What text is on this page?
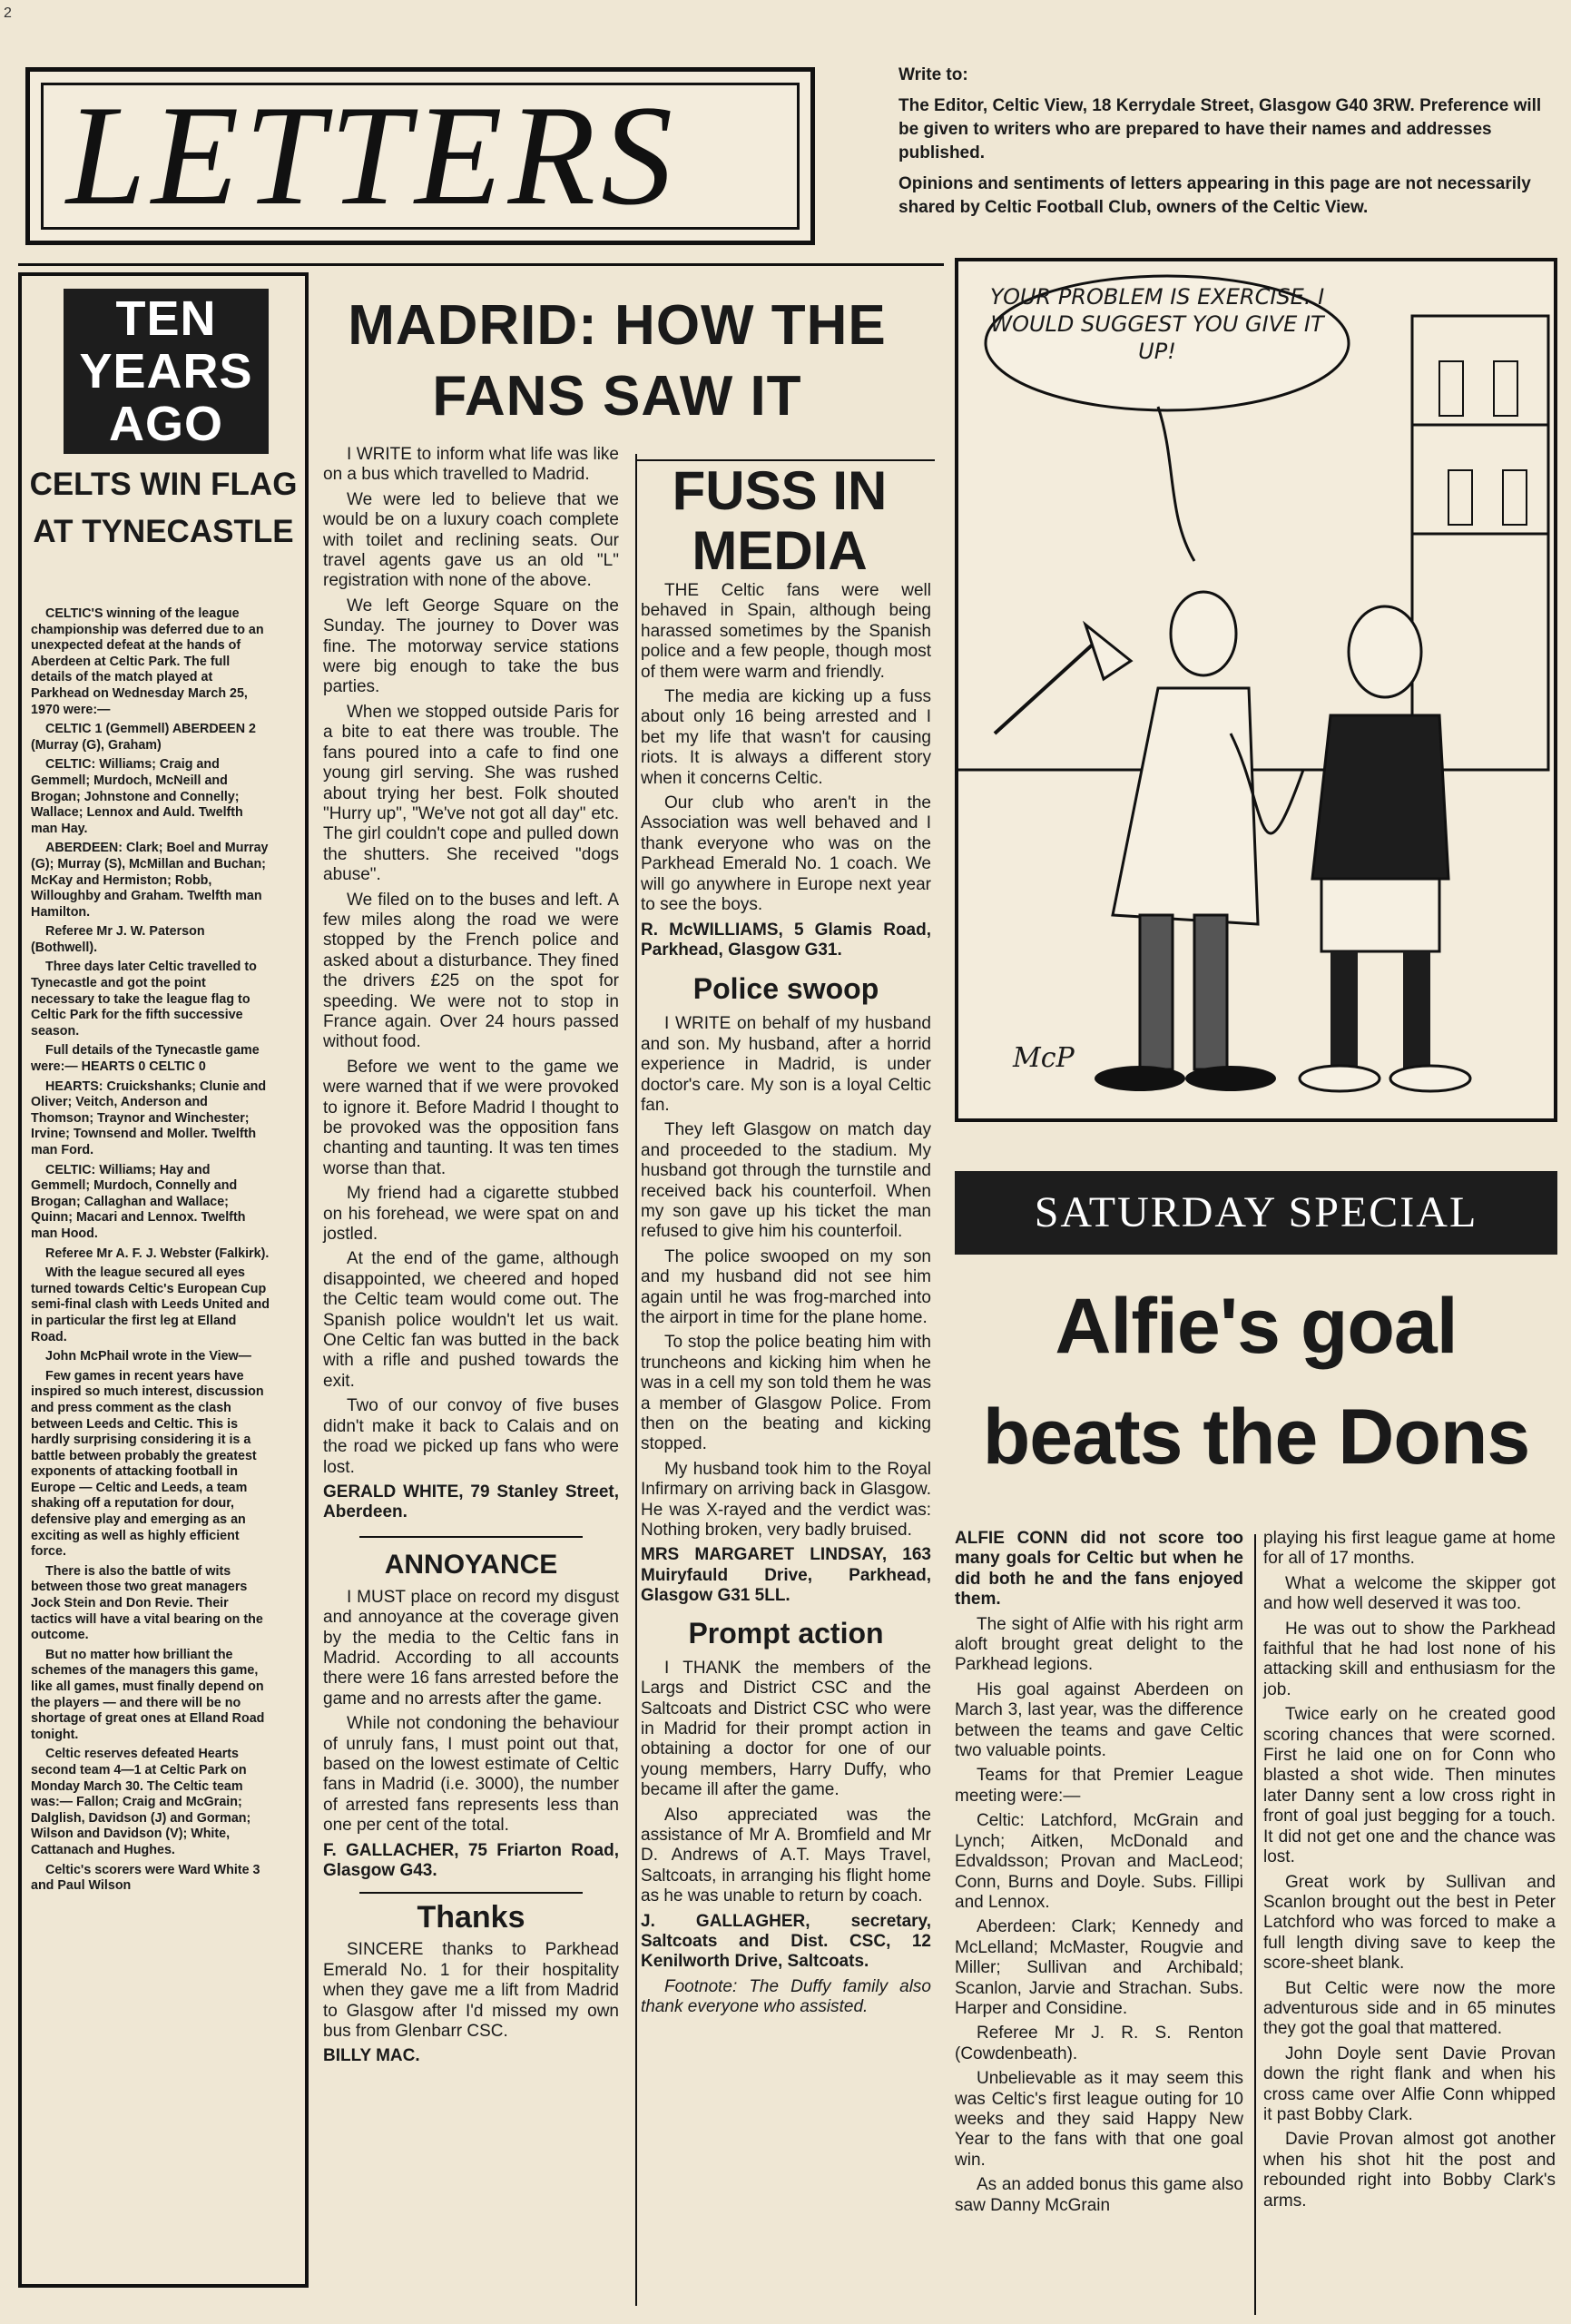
2
LETTERS

Write to:

The Editor, Celtic View, 18 Kerrydale Street, Glasgow G40 3RW. Preference will be given to writers who are prepared to have their names and addresses published.

Opinions and sentiments of letters appearing in this page are not necessarily shared by Celtic Football Club, owners of the Celtic View.

TEN YEARS AGO
CELTS WIN FLAG AT TYNECASTLE

CELTIC'S winning of the league championship was deferred due to an unexpected defeat at the hands of Aberdeen at Celtic Park. The full details of the match played at Parkhead on Wednesday March 25, 1970 were:—

CELTIC 1 (Gemmell) ABERDEEN 2 (Murray (G), Graham)

CELTIC: Williams; Craig and Gemmell; Murdoch, McNeill and Brogan; Johnstone and Connelly; Wallace; Lennox and Auld. Twelfth man Hay.

ABERDEEN: Clark; Boel and Murray (G); Murray (S), McMillan and Buchan; McKay and Hermiston; Robb, Willoughby and Graham. Twelfth man Hamilton.

Referee Mr J. W. Paterson (Bothwell).

Three days later Celtic travelled to Tynecastle and got the point necessary to take the league flag to Celtic Park for the fifth successive season.

Full details of the Tynecastle game were:— HEARTS 0 CELTIC 0

HEARTS: Cruickshanks; Clunie and Oliver; Veitch, Anderson and Thomson; Traynor and Winchester; Irvine; Townsend and Moller. Twelfth man Ford.

CELTIC: Williams; Hay and Gemmell; Murdoch, Connelly and Brogan; Callaghan and Wallace; Quinn; Macari and Lennox. Twelfth man Hood.

Referee Mr A. F. J. Webster (Falkirk).

With the league secured all eyes turned towards Celtic's European Cup semi-final clash with Leeds United and in particular the first leg at Elland Road.

John McPhail wrote in the View—

Few games in recent years have inspired so much interest, discussion and press comment as the clash between Leeds and Celtic. This is hardly surprising considering it is a battle between probably the greatest exponents of attacking football in Europe — Celtic and Leeds, a team shaking off a reputation for dour, defensive play and emerging as an exciting as well as highly efficient force.

There is also the battle of wits between those two great managers Jock Stein and Don Revie. Their tactics will have a vital bearing on the outcome.

But no matter how brilliant the schemes of the managers this game, like all games, must finally depend on the players — and there will be no shortage of great ones at Elland Road tonight.

Celtic reserves defeated Hearts second team 4—1 at Celtic Park on Monday March 30. The Celtic team was:— Fallon; Craig and McGrain; Dalglish, Davidson (J) and Gorman; Wilson and Davidson (V); White, Cattanach and Hughes.

Celtic's scorers were Ward White 3 and Paul Wilson

MADRID: HOW THE FANS SAW IT

I WRITE to inform what life was like on a bus which travelled to Madrid.

We were led to believe that we would be on a luxury coach complete with toilet and reclining seats. Our travel agents gave us an old "L" registration with none of the above.

We left George Square on the Sunday. The journey to Dover was fine. The motorway service stations were big enough to take the bus parties.

When we stopped outside Paris for a bite to eat there was trouble. The fans poured into a cafe to find one young girl serving. She was rushed about trying her best. Folk shouted "Hurry up", "We've not got all day" etc. The girl couldn't cope and pulled down the shutters. She received "dogs abuse".

We filed on to the buses and left. A few miles along the road we were stopped by the French police and asked about a disturbance. They fined the drivers £25 on the spot for speeding. We were not to stop in France again. Over 24 hours passed without food.

Before we went to the game we were warned that if we were provoked to ignore it. Before Madrid I thought to be provoked was the opposition fans chanting and taunting. It was ten times worse than that.

My friend had a cigarette stubbed on his forehead, we were spat on and jostled.

At the end of the game, although disappointed, we cheered and hoped the Celtic team would come out. The Spanish police wouldn't let us wait. One Celtic fan was butted in the back with a rifle and pushed towards the exit.

Two of our convoy of five buses didn't make it back to Calais and on the road we picked up fans who were lost.

GERALD WHITE, 79 Stanley Street, Aberdeen.

ANNOYANCE

I MUST place on record my disgust and annoyance at the coverage given by the media to the Celtic fans in Madrid. According to all accounts there were 16 fans arrested before the game and no arrests after the game.

While not condoning the behaviour of unruly fans, I must point out that, based on the lowest estimate of Celtic fans in Madrid (i.e. 3000), the number of arrested fans represents less than one per cent of the total.

F. GALLACHER, 75 Friarton Road, Glasgow G43.

Thanks

SINCERE thanks to Parkhead Emerald No. 1 for their hospitality when they gave me a lift from Madrid to Glasgow after I'd missed my own bus from Glenbarr CSC.

BILLY MAC.

FUSS IN MEDIA

THE Celtic fans were well behaved in Spain, although being harassed sometimes by the Spanish police and a few people, though most of them were warm and friendly.

The media are kicking up a fuss about only 16 being arrested and I bet my life that wasn't for causing riots. It is always a different story when it concerns Celtic.

Our club who aren't in the Association was well behaved and I thank everyone who was on the Parkhead Emerald No. 1 coach. We will go anywhere in Europe next year to see the boys.

R. McWILLIAMS, 5 Glamis Road, Parkhead, Glasgow G31.

Police swoop

I WRITE on behalf of my husband and son. My husband, after a horrid experience in Madrid, is under doctor's care. My son is a loyal Celtic fan.

They left Glasgow on match day and proceeded to the stadium. My husband got through the turnstile and received back his counterfoil. When my son gave up his ticket the man refused to give him his counterfoil.

The police swooped on my son and my husband did not see him again until he was frog-marched into the airport in time for the plane home.

To stop the police beating him with truncheons and kicking him when he was in a cell my son told them he was a member of Glasgow Police. From then on the beating and kicking stopped.

My husband took him to the Royal Infirmary on arriving back in Glasgow. He was X-rayed and the verdict was: Nothing broken, very badly bruised.

MRS MARGARET LINDSAY, 163 Muiryfauld Drive, Parkhead, Glasgow G31 5LL.

Prompt action

I THANK the members of the Largs and District CSC and the Saltcoats and District CSC who were in Madrid for their prompt action in obtaining a doctor for one of our young members, Harry Duffy, who became ill after the game.

Also appreciated was the assistance of Mr A. Bromfield and Mr D. Andrews of A.T. Mays Travel, Saltcoats, in arranging his flight home as he was unable to return by coach.

J. GALLAGHER, secretary, Saltcoats and Dist. CSC, 12 Kenilworth Drive, Saltcoats.

Footnote: The Duffy family also thank everyone who assisted.

McP
YOUR PROBLEM IS EXERCISE. I WOULD SUGGEST YOU GIVE IT UP!
SATURDAY SPECIAL
Alfie's goal beats the Dons

ALFIE CONN did not score too many goals for Celtic but when he did both he and the fans enjoyed them.

The sight of Alfie with his right arm aloft brought great delight to the Parkhead legions.

His goal against Aberdeen on March 3, last year, was the difference between the teams and gave Celtic two valuable points.

Teams for that Premier League meeting were:—

Celtic: Latchford, McGrain and Lynch; Aitken, McDonald and Edvaldsson; Provan and MacLeod; Conn, Burns and Doyle. Subs. Fillipi and Lennox.

Aberdeen: Clark; Kennedy and McLelland; McMaster, Rougvie and Miller; Sullivan and Archibald; Scanlon, Jarvie and Strachan. Subs. Harper and Considine.

Referee Mr J. R. S. Renton (Cowdenbeath).

Unbelievable as it may seem this was Celtic's first league outing for 10 weeks and they said Happy New Year to the fans with that one goal win.

As an added bonus this game also saw Danny McGrain

playing his first league game at home for all of 17 months.

What a welcome the skipper got and how well deserved it was too.

He was out to show the Parkhead faithful that he had lost none of his attacking skill and enthusiasm for the job.

Twice early on he created good scoring chances that were scorned. First he laid one on for Conn who blasted a shot wide. Then minutes later Danny sent a low cross right in front of goal just begging for a touch. It did not get one and the chance was lost.

Great work by Sullivan and Scanlon brought out the best in Peter Latchford who was forced to make a full length diving save to keep the score-sheet blank.

But Celtic were now the more adventurous side and in 65 minutes they got the goal that mattered.

John Doyle sent Davie Provan down the right flank and when his cross came over Alfie Conn whipped it past Bobby Clark.

Davie Provan almost got another when his shot hit the post and rebounded right into Bobby Clark's arms.
